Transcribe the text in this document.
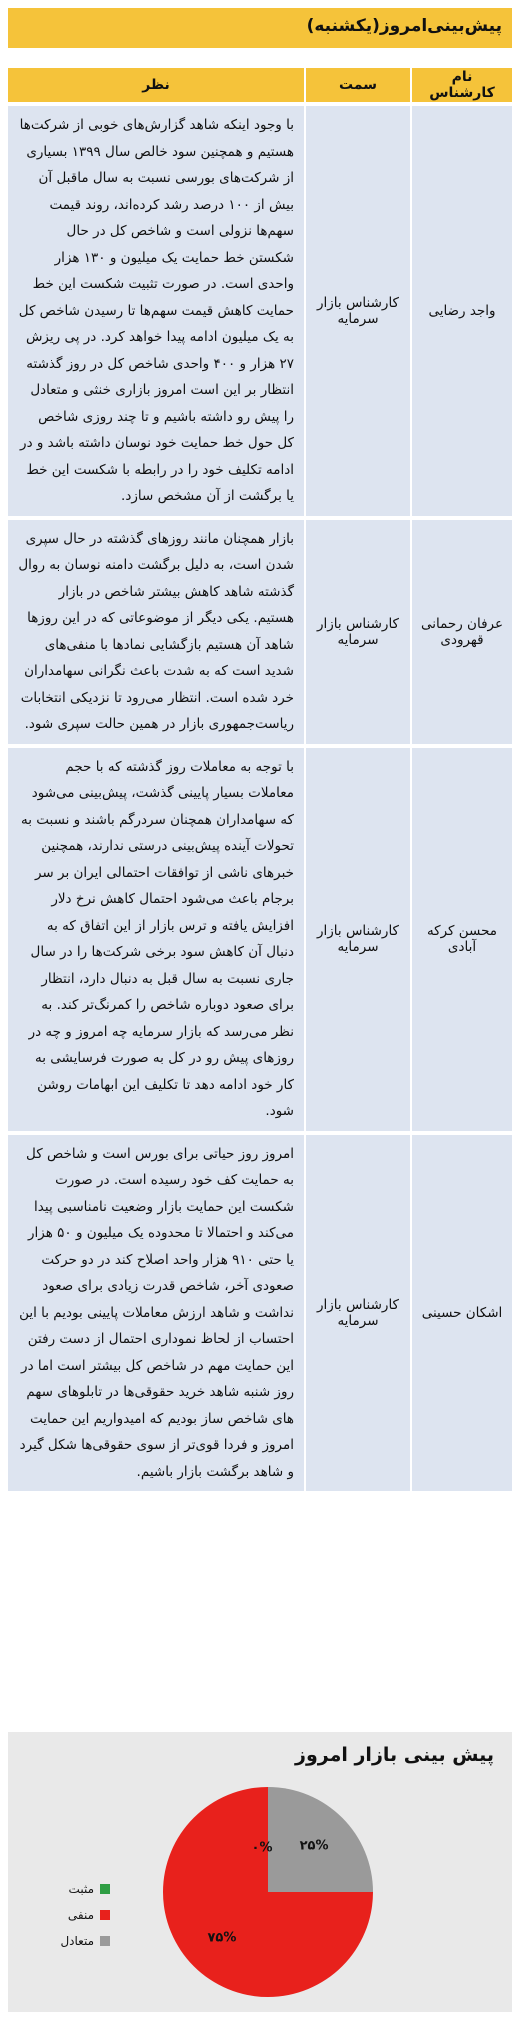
پیش‌بینی‌امروز(یکشنبه)
نام کارشناس	سمت	نظر
واجد رضایی	کارشناس بازار سرمایه	با وجود اینکه شاهد گزارش‌های خوبی از شرکت‌ها هستیم و همچنین سود خالص سال ۱۳۹۹ بسیاری از شرکت‌های بورسی نسبت به سال ماقبل آن بیش از ۱۰۰ درصد رشد کرده‌اند، روند قیمت سهم‌ها نزولی است و شاخص کل در حال شکستن خط حمایت یک میلیون و ۱۳۰ هزار واحدی است. در صورت تثبیت شکست این خط حمایت کاهش قیمت سهم‌ها تا رسیدن شاخص کل به یک میلیون ادامه پیدا خواهد کرد. در پی ریزش ۲۷ هزار و ۴۰۰ واحدی شاخص کل در روز گذشته انتظار بر این است امروز بازاری خنثی و متعادل را پیش رو داشته باشیم و تا چند روزی شاخص کل حول خط حمایت خود نوسان داشته باشد و در ادامه تکلیف خود را در رابطه با شکست این خط یا برگشت از آن مشخص سازد.
عرفان رحمانی قهرودی	کارشناس بازار سرمایه	بازار همچنان مانند روزهای گذشته در حال سپری شدن است، به دلیل برگشت دامنه نوسان به روال گذشته شاهد کاهش بیشتر شاخص در بازار هستیم. یکی دیگر از موضوعاتی که در این روزها شاهد آن هستیم بازگشایی نمادها با منفی‌های شدید است که به شدت باعث نگرانی سهامداران خرد شده است. انتظار می‌رود تا نزدیکی انتخابات ریاست‌جمهوری بازار در همین حالت سپری شود.
محسن کرکه آبادی	کارشناس بازار سرمایه	با توجه به معاملات روز گذشته که با حجم معاملات بسیار پایینی گذشت، پیش‌بینی می‌شود که سهامداران همچنان سردرگم باشند و نسبت به تحولات آینده پیش‌بینی درستی ندارند، همچنین خبرهای ناشی از توافقات احتمالی ایران بر سر برجام باعث می‌شود احتمال کاهش نرخ دلار افزایش یافته و ترس بازار از این اتفاق که به دنبال آن کاهش سود برخی شرکت‌ها را در سال جاری نسبت به سال قبل به دنبال دارد، انتظار برای صعود دوباره شاخص را کمرنگ‌تر کند. به نظر می‌رسد که بازار سرمایه چه امروز و چه در روزهای پیش رو در کل به صورت فرسایشی به کار خود ادامه دهد تا تکلیف این ابهامات روشن شود.
اشکان حسینی	کارشناس بازار سرمایه	امروز روز حیاتی برای بورس است و شاخص کل به حمایت کف خود رسیده است. در صورت شکست این حمایت بازار وضعیت نامناسبی پیدا می‌کند و احتمالا تا محدوده یک میلیون و ۵۰ هزار یا حتی ۹۱۰ هزار واحد اصلاح کند در دو حرکت صعودی آخر، شاخص قدرت زیادی برای صعود نداشت و شاهد ارزش معاملات پایینی بودیم با این احتساب از لحاظ نموداری احتمال از دست رفتن این حمایت مهم در شاخص کل بیشتر است اما در روز شنبه شاهد خرید حقوقی‌ها در تابلوهای سهم های شاخص ساز بودیم که امیدواریم این حمایت امروز و فردا قوی‌تر از سوی حقوقی‌ها شکل گیرد و شاهد برگشت بازار باشیم.
پیش بینی بازار امروز
۲۵%
۷۵%
۰%
مثبت
منفی
متعادل
